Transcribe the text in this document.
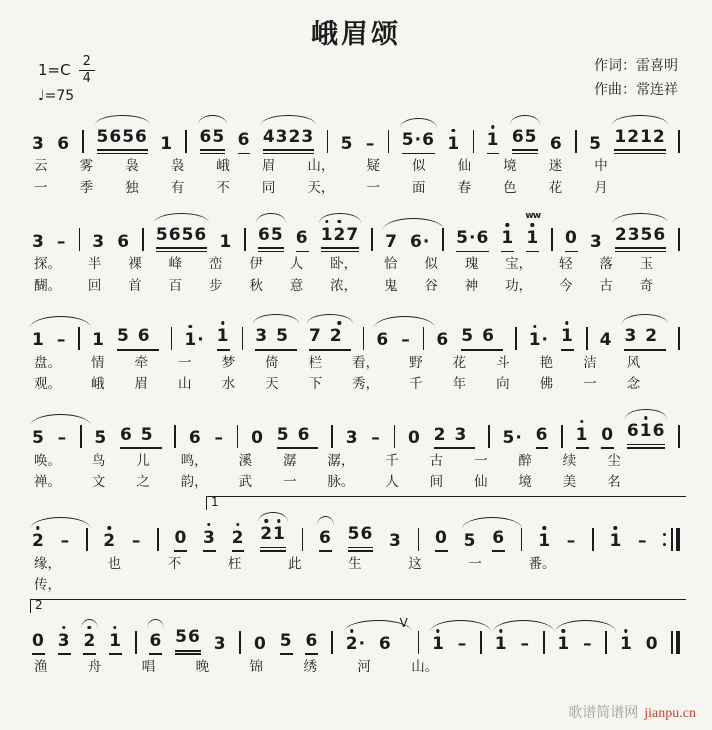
峨眉颂
$1=C \frac{2}{4}$
♩=75
作词：雷喜明
作曲：常连祥
3 6 5 6 5 6 1 6 5 6 4 3 2 3 5 – 5 · 6 1 1 6 5 6 5 1 2 1 2
云 雾 袅 袅 峨 眉 山， 疑 似 仙 境 迷 中
一 季 独 有 不 同 天， 一 面 春 色 花 月
3 – 3 6 5 6 5 6 1 6 5 6 1 2 7 7 6 · 5 · 6 1
ww
1 0 3 2 3 5 6
探。 半 裸 峰 峦 伊 人 卧， 恰 似 瑰 宝， 轻 落 玉
醐。 回 首 百 步 秋 意 浓， 鬼 谷 神 功， 今 古 奇
1 – 1 5 6 1 · 1 3 5 7 2 6 – 6 5 6 1 · 1 4 3 2
盘。 情 牵 一 梦 倚 栏 看， 野 花 斗 艳 洁 风
观。 峨 眉 山 水 天 下 秀， 千 年 向 佛 一 念
5 – 5 6 5 6 – 0 5 6 3 – 0 2 3 5 · 6 1 0 6 1 6
唤。 鸟 儿 鸣， 溪 潺 潺， 千 古 一 醉 续 尘
禅。 文 之 韵， 武 一 脉。 人 间 仙 境 美 名
1
2 – 2 – 0 3 2 2 1 6 5 6 3 0 5 6 1 – 1 –
缘，	也	不	枉	此	生	这	一	番。
传，
2
0 3 2 1 6 5 6 3 0 5 6 2 · 6
V
1 – 1 – 1 – 1 0
渔	舟	唱	晚	锦	绣	河	山。
歌谱简谱网 jianpu.cn
